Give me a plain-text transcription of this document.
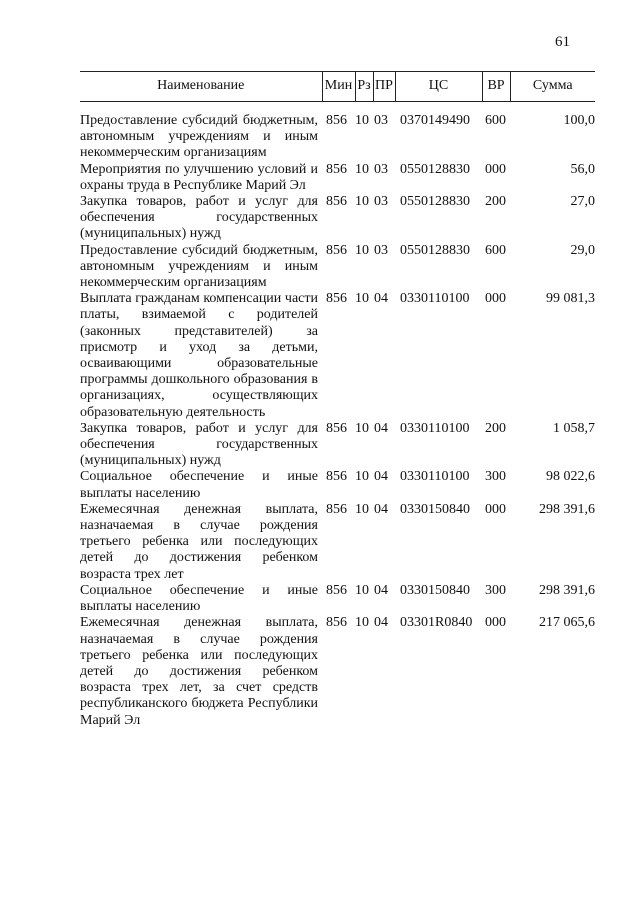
61
Наименование	Мин	Рз	ПР	ЦС	ВР	Сумма

Предоставление субсидий бюджетным, автономным учреждениям и иным некоммерческим организациям	856	10	03	0370149490	600	100,0
Мероприятия по улучшению условий и охраны труда в Республике Марий Эл	856	10	03	0550128830	000	56,0
Закупка товаров, работ и услуг для обеспечения государственных (муниципальных) нужд	856	10	03	0550128830	200	27,0
Предоставление субсидий бюджетным, автономным учреждениям и иным некоммерческим организациям	856	10	03	0550128830	600	29,0
Выплата гражданам компенсации части платы, взимаемой с родителей (законных представителей) за присмотр и уход за детьми, осваивающими образовательные программы дошкольного образования в организациях, осуществляющих образовательную деятельность	856	10	04	0330110100	000	99 081,3
Закупка товаров, работ и услуг для обеспечения государственных (муниципальных) нужд	856	10	04	0330110100	200	1 058,7
Социальное обеспечение и иные выплаты населению	856	10	04	0330110100	300	98 022,6
Ежемесячная денежная выплата, назначаемая в случае рождения третьего ребенка или последующих детей до достижения ребенком возраста трех лет	856	10	04	0330150840	000	298 391,6
Социальное обеспечение и иные выплаты населению	856	10	04	0330150840	300	298 391,6
Ежемесячная денежная выплата, назначаемая в случае рождения третьего ребенка или последующих детей до достижения ребенком возраста трех лет, за счет средств республиканского бюджета Республики Марий Эл	856	10	04	03301R0840	000	217 065,6
